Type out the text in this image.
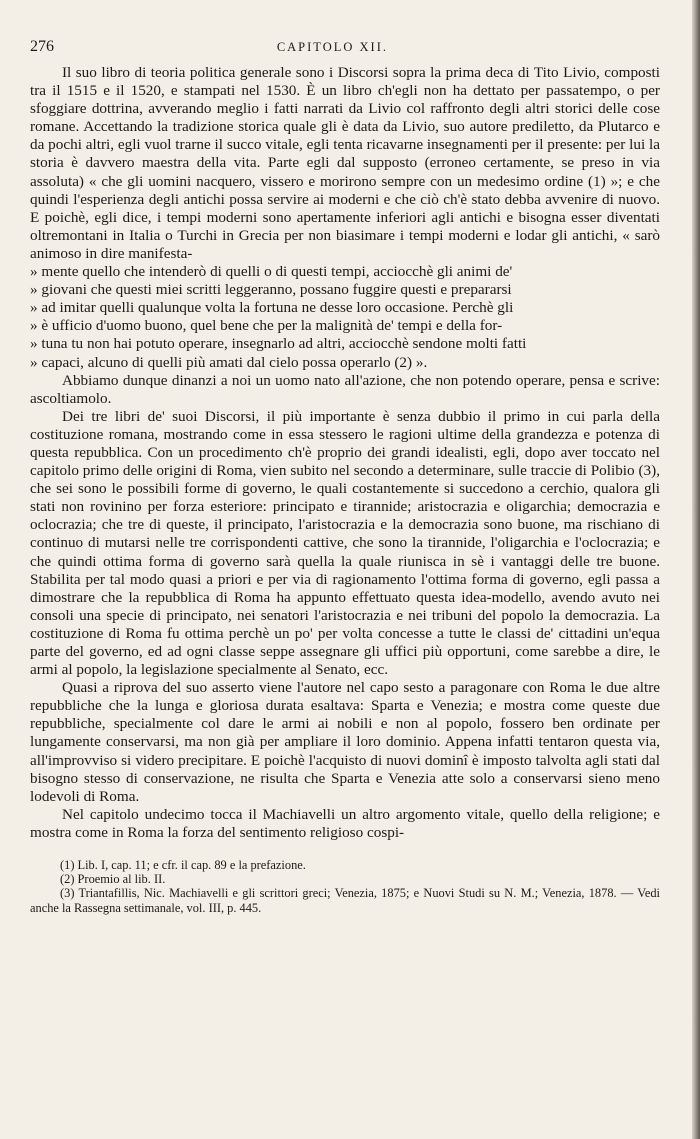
276	CAPITOLO XII.

Il suo libro di teoria politica generale sono i Discorsi sopra la prima deca di Tito Livio, composti tra il 1515 e il 1520, e stampati nel 1530. È un libro ch'egli non ha dettato per passatempo, o per sfoggiare dottrina, avverando meglio i fatti narrati da Livio col raffronto degli altri storici delle cose romane. Accettando la tradizione storica quale gli è data da Livio, suo autore prediletto, da Plutarco e da pochi altri, egli vuol trarne il succo vitale, egli tenta ricavarne insegnamenti per il presente: per lui la storia è davvero maestra della vita. Parte egli dal supposto (erroneo certamente, se preso in via assoluta) « che gli uomini nacquero, vissero e morirono sempre con un medesimo ordine (1) »; e che quindi l'esperienza degli antichi possa servire ai moderni e che ciò ch'è stato debba avvenire di nuovo. E poichè, egli dice, i tempi moderni sono apertamente inferiori agli antichi e bisogna esser diventati oltremontani in Italia o Turchi in Grecia per non biasimare i tempi moderni e lodar gli antichi, « sarò animoso in dire manifesta-

» mente quello che intenderò di quelli o di questi tempi, acciocchè gli animi de'

» giovani che questi miei scritti leggeranno, possano fuggire questi e prepararsi

» ad imitar quelli qualunque volta la fortuna ne desse loro occasione. Perchè gli

» è ufficio d'uomo buono, quel bene che per la malignità de' tempi e della for-

» tuna tu non hai potuto operare, insegnarlo ad altri, acciocchè sendone molti fatti

» capaci, alcuno di quelli più amati dal cielo possa operarlo (2) ».

Abbiamo dunque dinanzi a noi un uomo nato all'azione, che non potendo operare, pensa e scrive: ascoltiamolo.

Dei tre libri de' suoi Discorsi, il più importante è senza dubbio il primo in cui parla della costituzione romana, mostrando come in essa stessero le ragioni ultime della grandezza e potenza di questa repubblica. Con un procedimento ch'è proprio dei grandi idealisti, egli, dopo aver toccato nel capitolo primo delle origini di Roma, vien subito nel secondo a determinare, sulle traccie di Polibio (3), che sei sono le possibili forme di governo, le quali costantemente si succedono a cerchio, qualora gli stati non rovinino per forza esteriore: principato e tirannide; aristocrazia e oligarchia; democrazia e oclocrazia; che tre di queste, il principato, l'aristocrazia e la democrazia sono buone, ma rischiano di continuo di mutarsi nelle tre corrispondenti cattive, che sono la tirannide, l'oligarchia e l'oclocrazia; e che quindi ottima forma di governo sarà quella la quale riunisca in sè i vantaggi delle tre buone. Stabilita per tal modo quasi a priori e per via di ragionamento l'ottima forma di governo, egli passa a dimostrare che la repubblica di Roma ha appunto effettuato questa idea-modello, avendo avuto nei consoli una specie di principato, nei senatori l'aristocrazia e nei tribuni del popolo la democrazia. La costituzione di Roma fu ottima perchè un po' per volta concesse a tutte le classi de' cittadini un'equa parte del governo, ed ad ogni classe seppe assegnare gli uffici più opportuni, come sarebbe a dire, le armi al popolo, la legislazione specialmente al Senato, ecc.

Quasi a riprova del suo asserto viene l'autore nel capo sesto a paragonare con Roma le due altre repubbliche che la lunga e gloriosa durata esaltava: Sparta e Venezia; e mostra come queste due repubbliche, specialmente col dare le armi ai nobili e non al popolo, fossero ben ordinate per lungamente conservarsi, ma non già per ampliare il loro dominio. Appena infatti tentaron questa via, all'improvviso si videro precipitare. E poichè l'acquisto di nuovi dominî è imposto talvolta agli stati dal bisogno stesso di conservazione, ne risulta che Sparta e Venezia atte solo a conservarsi sieno meno lodevoli di Roma.

Nel capitolo undecimo tocca il Machiavelli un altro argomento vitale, quello della religione; e mostra come in Roma la forza del sentimento religioso cospi-

(1) Lib. I, cap. 11; e cfr. il cap. 89 e la prefazione.

(2) Proemio al lib. II.

(3) Triantafillis, Nic. Machiavelli e gli scrittori greci; Venezia, 1875; e Nuovi Studi su N. M.; Venezia, 1878. — Vedi anche la Rassegna settimanale, vol. III, p. 445.
